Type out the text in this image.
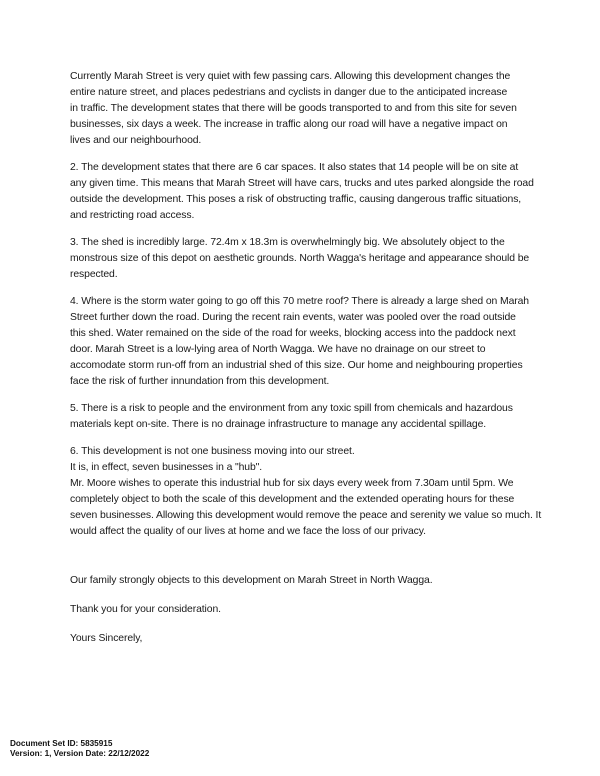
Currently Marah Street is very quiet with few passing cars. Allowing this development changes the
entire nature street, and places pedestrians and cyclists in danger due to the anticipated increase
in traffic. The development states that there will be goods transported to and from this site for seven
businesses, six days a week. The increase in traffic along our road will have a negative impact on
lives and our neighbourhood.
2. The development states that there are 6 car spaces. It also states that 14 people will be on site at
any given time. This means that Marah Street will have cars, trucks and utes parked alongside the road
outside the development. This poses a risk of obstructing traffic, causing dangerous traffic situations,
and restricting road access.
3. The shed is incredibly large. 72.4m x 18.3m is overwhelmingly big. We absolutely object to the
monstrous size of this depot on aesthetic grounds. North Wagga's heritage and appearance should be
respected.
4. Where is the storm water going to go off this 70 metre roof? There is already a large shed on Marah
Street further down the road. During the recent rain events, water was pooled over the road outside
this shed. Water remained on the side of the road for weeks, blocking access into the paddock next
door. Marah Street is a low-lying area of North Wagga. We have no drainage on our street to
accomodate storm run-off from an industrial shed of this size. Our home and neighbouring properties
face the risk of further innundation from this development.
5. There is a risk to people and the environment from any toxic spill from chemicals and hazardous
materials kept on-site. There is no drainage infrastructure to manage any accidental spillage.
6. This development is not one business moving into our street.
It is, in effect, seven businesses in a "hub".
Mr. Moore wishes to operate this industrial hub for six days every week from 7.30am until 5pm. We
completely object to both the scale of this development and the extended operating hours for these
seven businesses. Allowing this development would remove the peace and serenity we value so much. It
would affect the quality of our lives at home and we face the loss of our privacy.
Our family strongly objects to this development on Marah Street in North Wagga.
Thank you for your consideration.
Yours Sincerely,
Document Set ID: 5835915
Version: 1, Version Date: 22/12/2022
